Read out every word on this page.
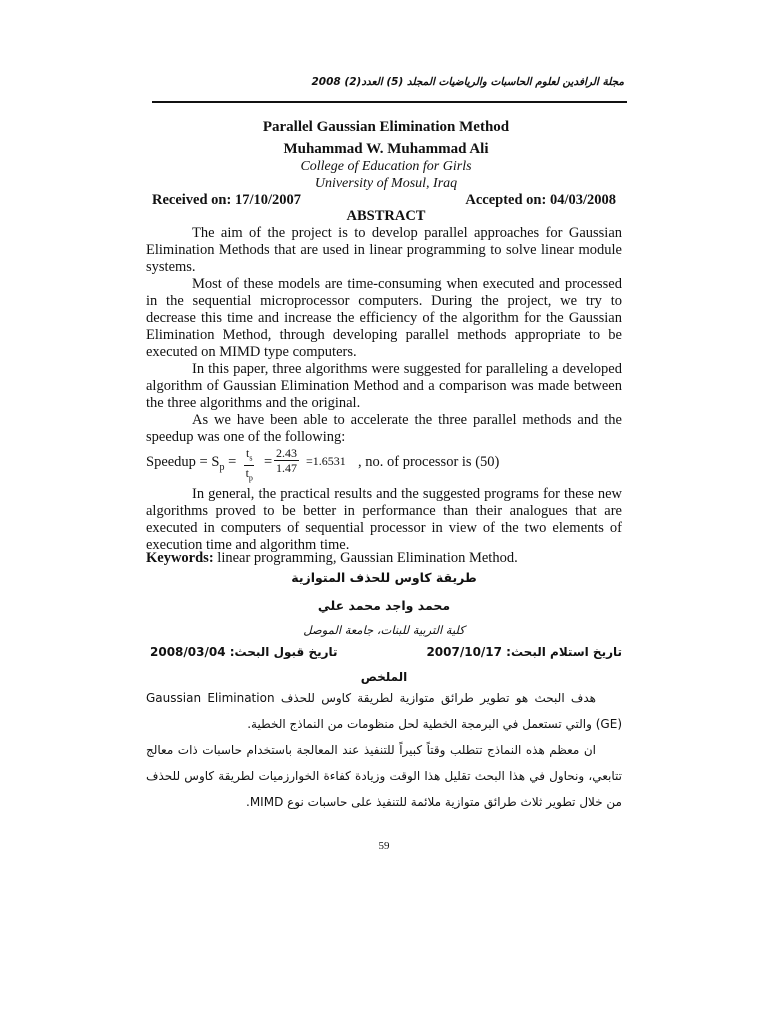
مجلة الرافدين لعلوم الحاسبات والرياضيات المجلد (5) العدد(2) 2008
Parallel Gaussian Elimination Method
Muhammad W. Muhammad Ali
College of Education for Girls
University of Mosul, Iraq
Received on: 17/10/2007	Accepted on: 04/03/2008
ABSTRACT
The aim of the project is to develop parallel approaches for Gaussian Elimination Methods that are used in linear programming to solve linear module systems.
Most of these models are time-consuming when executed and processed in the sequential microprocessor computers. During the project, we try to decrease this time and increase the efficiency of the algorithm for the Gaussian Elimination Method, through developing parallel methods appropriate to be executed on MIMD type computers.
In this paper, three algorithms were suggested for paralleling a developed algorithm of Gaussian Elimination Method and a comparison was made between the three algorithms and the original.
As we have been able to accelerate the three parallel methods and the speedup was one of the following:
Speedup = $S_p = \frac{t_s}{t_p} = \frac{2.43}{1.47} =1.6531$ , no. of processor is (50)
In general, the practical results and the suggested programs for these new algorithms proved to be better in performance than their analogues that are executed in computers of sequential processor in view of the two elements of execution time and algorithm time.
Keywords: linear programming, Gaussian Elimination Method.
طريقة كاوس للحذف المتوازية
محمد واجد محمد علي
كلية التربية للبنات، جامعة الموصل
تاريخ استلام البحث: 2007/10/17
تاريخ قبول البحث: 2008/03/04
الملخص
هدف البحث هو تطوير طرائق متوازية لطريقة كاوس للحذف Gaussian Elimination (GE) والتي تستعمل في البرمجة الخطية لحل منظومات من النماذج الخطية.
ان معظم هذه النماذج تتطلب وقتاً كبيراً للتنفيذ عند المعالجة باستخدام حاسبات ذات معالج تتابعي، ونحاول في هذا البحث تقليل هذا الوقت وزيادة كفاءة الخوارزميات لطريقة كاوس للحذف من خلال تطوير ثلاث طرائق متوازية ملائمة للتنفيذ على حاسبات نوع MIMD.
59
